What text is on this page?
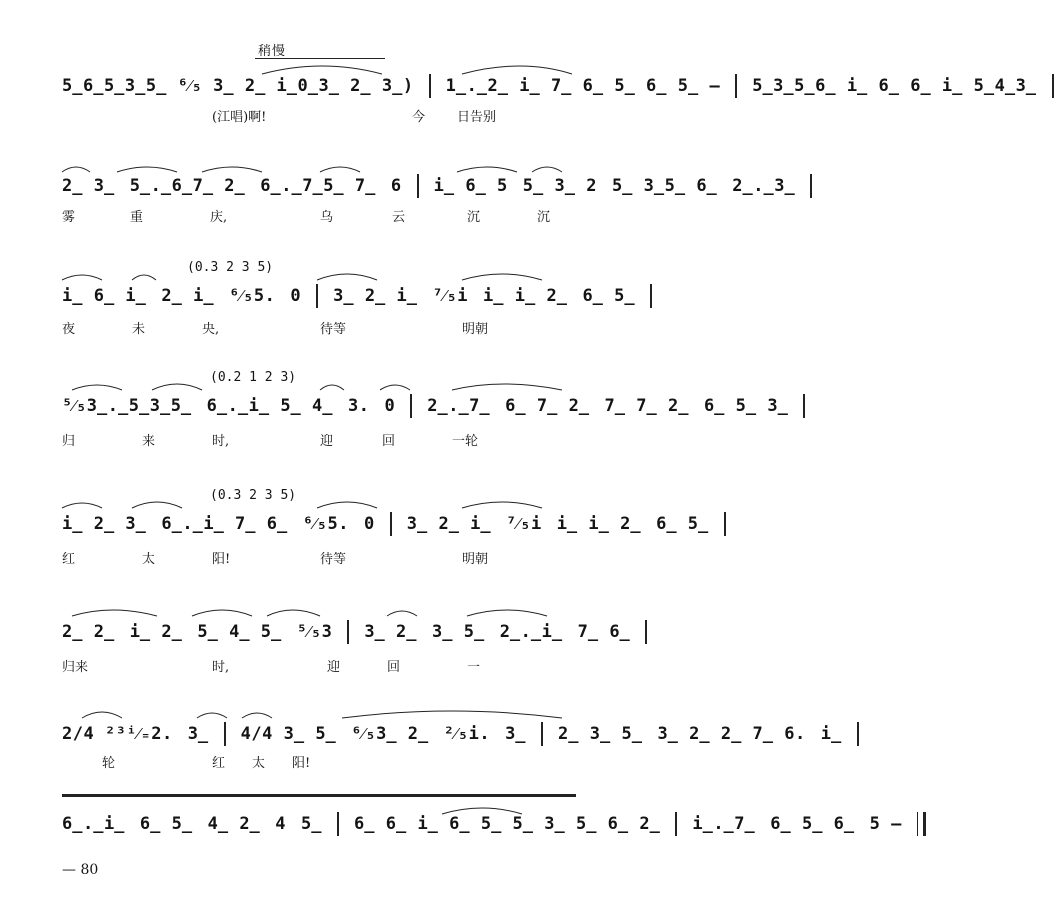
稍慢
5̲6̲5̲3̲5̲ ⁶⁄₅ 3̲ 2̲ i̲0̲3̲ 2̲ 3̲) 1̲.̲2̲ i̲ 7̲ 6̲ 5̲ 6̲ 5̲ — 5̲3̲5̲6̲ i̲ 6̲ 6̲ i̲ 5̲4̲3̲
(江唱)啊!	今 日告别
2̲ 3̲ 5̲.̲6̲7̲ 2̲ 6̲.̲7̲5̲ 7̲ 6 i̲ 6̲ 5 5̲ 3̲ 2 5̲ 3̲5̲ 6̲ 2̲.̲3̲
雾	重	庆,	乌	云	沉	沉
(0.3 2 3 5)
i̲ 6̲ i̲ 2̲ i̲ ⁶⁄₅5. 0 3̲ 2̲ i̲ ⁷⁄₅i i̲ i̲ 2̲ 6̲ 5̲
夜	未	央,	待等	明朝
(0.2 1 2 3)
⁵⁄₅3̲.̲5̲3̲5̲ 6̲.̲i̲ 5̲ 4̲ 3. 0 2̲.̲7̲ 6̲ 7̲ 2̲ 7̲ 7̲ 2̲ 6̲ 5̲ 3̲
归	来	时,	迎	回	一轮
(0.3 2 3 5)
i̲ 2̲ 3̲ 6̲.̲i̲ 7̲ 6̲ ⁶⁄₅5. 0 3̲ 2̲ i̲ ⁷⁄₅i i̲ i̲ 2̲ 6̲ 5̲
红	太	阳!	待等	明朝
2̲ 2̲ i̲ 2̲ 5̲ 4̲ 5̲ ⁵⁄₅3 3̲ 2̲ 3̲ 5̲ 2̲.̲i̲ 7̲ 6̲
归来	时,	迎	回	一
2/4 ²³ⁱ⁄₌2. 3̲ 4/4 3̲ 5̲ ⁶⁄₅3̲ 2̲ ²⁄₅i. 3̲ 2̲ 3̲ 5̲ 3̲ 2̲ 2̲ 7̲ 6. i̲
轮	红 太 阳!
6̲.̲i̲ 6̲ 5̲ 4̲ 2̲ 4 5̲ 6̲ 6̲ i̲ 6̲ 5̲ 5̲ 3̲ 5̲ 6̲ 2̲ i̲.̲7̲ 6̲ 5̲ 6̲ 5 —
— 80
